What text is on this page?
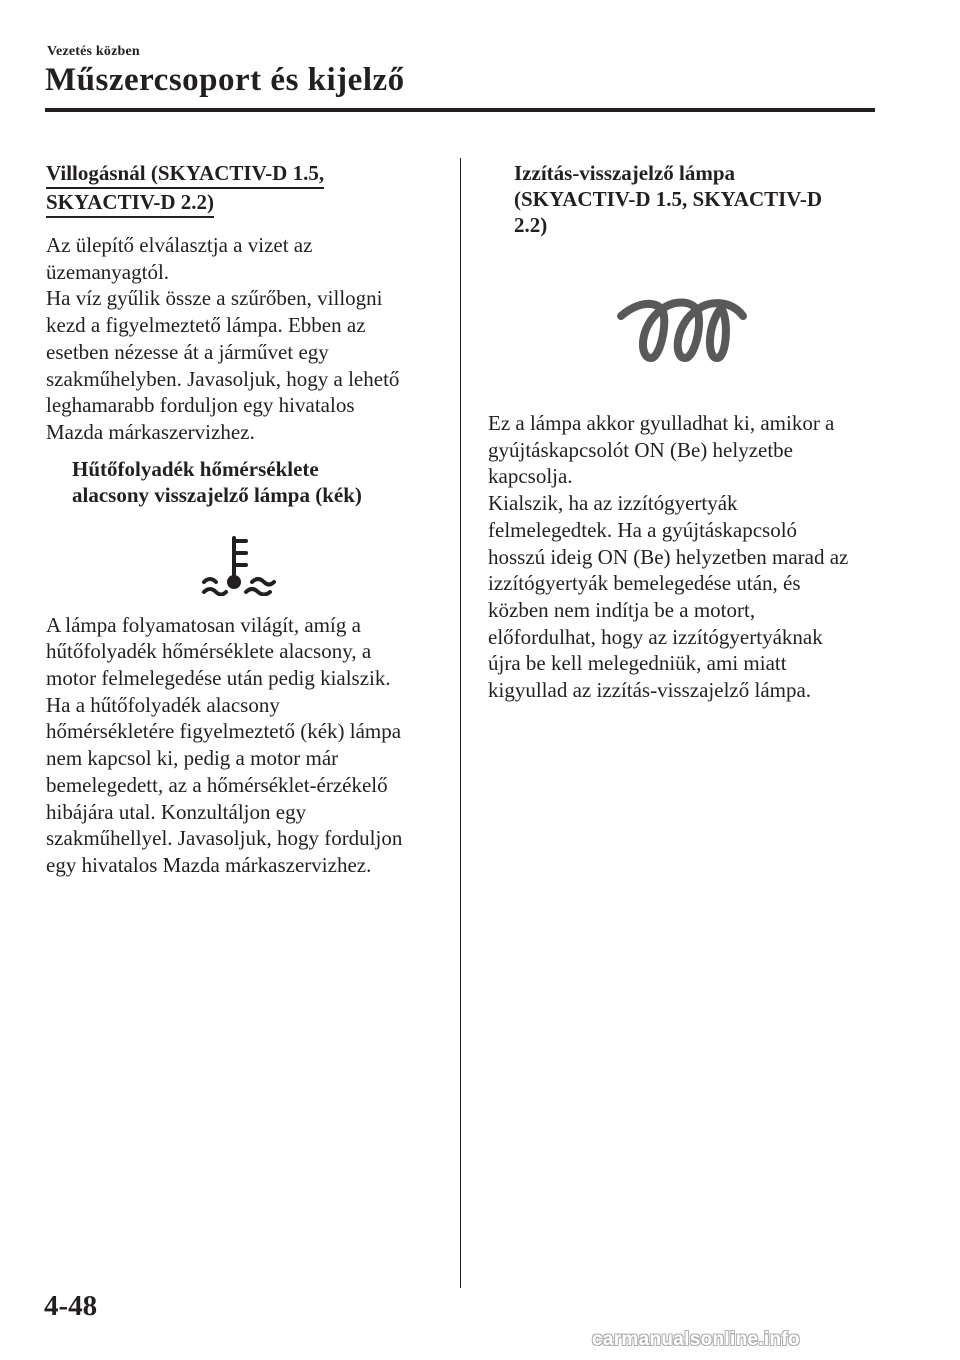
Vezetés közben
Műszercsoport és kijelző
Villogásnál (SKYACTIV-D 1.5,
SKYACTIV-D 2.2)
Az ülepítő elválasztja a vizet az
üzemanyagtól.
Ha víz gyűlik össze a szűrőben, villogni
kezd a figyelmeztető lámpa. Ebben az
esetben nézesse át a járművet egy
szakműhelyben. Javasoljuk, hogy a lehető
leghamarabb forduljon egy hivatalos
Mazda márkaszervizhez.
Hűtőfolyadék hőmérséklete
alacsony visszajelző lámpa (kék)
A lámpa folyamatosan világít, amíg a
hűtőfolyadék hőmérséklete alacsony, a
motor felmelegedése után pedig kialszik.
Ha a hűtőfolyadék alacsony
hőmérsékletére figyelmeztető (kék) lámpa
nem kapcsol ki, pedig a motor már
bemelegedett, az a hőmérséklet-érzékelő
hibájára utal. Konzultáljon egy
szakműhellyel. Javasoljuk, hogy forduljon
egy hivatalos Mazda márkaszervizhez.
Izzítás-visszajelző lámpa
(SKYACTIV-D 1.5, SKYACTIV-D
2.2)
Ez a lámpa akkor gyulladhat ki, amikor a
gyújtáskapcsolót ON (Be) helyzetbe
kapcsolja.
Kialszik, ha az izzítógyertyák
felmelegedtek. Ha a gyújtáskapcsoló
hosszú ideig ON (Be) helyzetben marad az
izzítógyertyák bemelegedése után, és
közben nem indítja be a motort,
előfordulhat, hogy az izzítógyertyáknak
újra be kell melegedniük, ami miatt
kigyullad az izzítás-visszajelző lámpa.
4-48
carmanualsonline.info
